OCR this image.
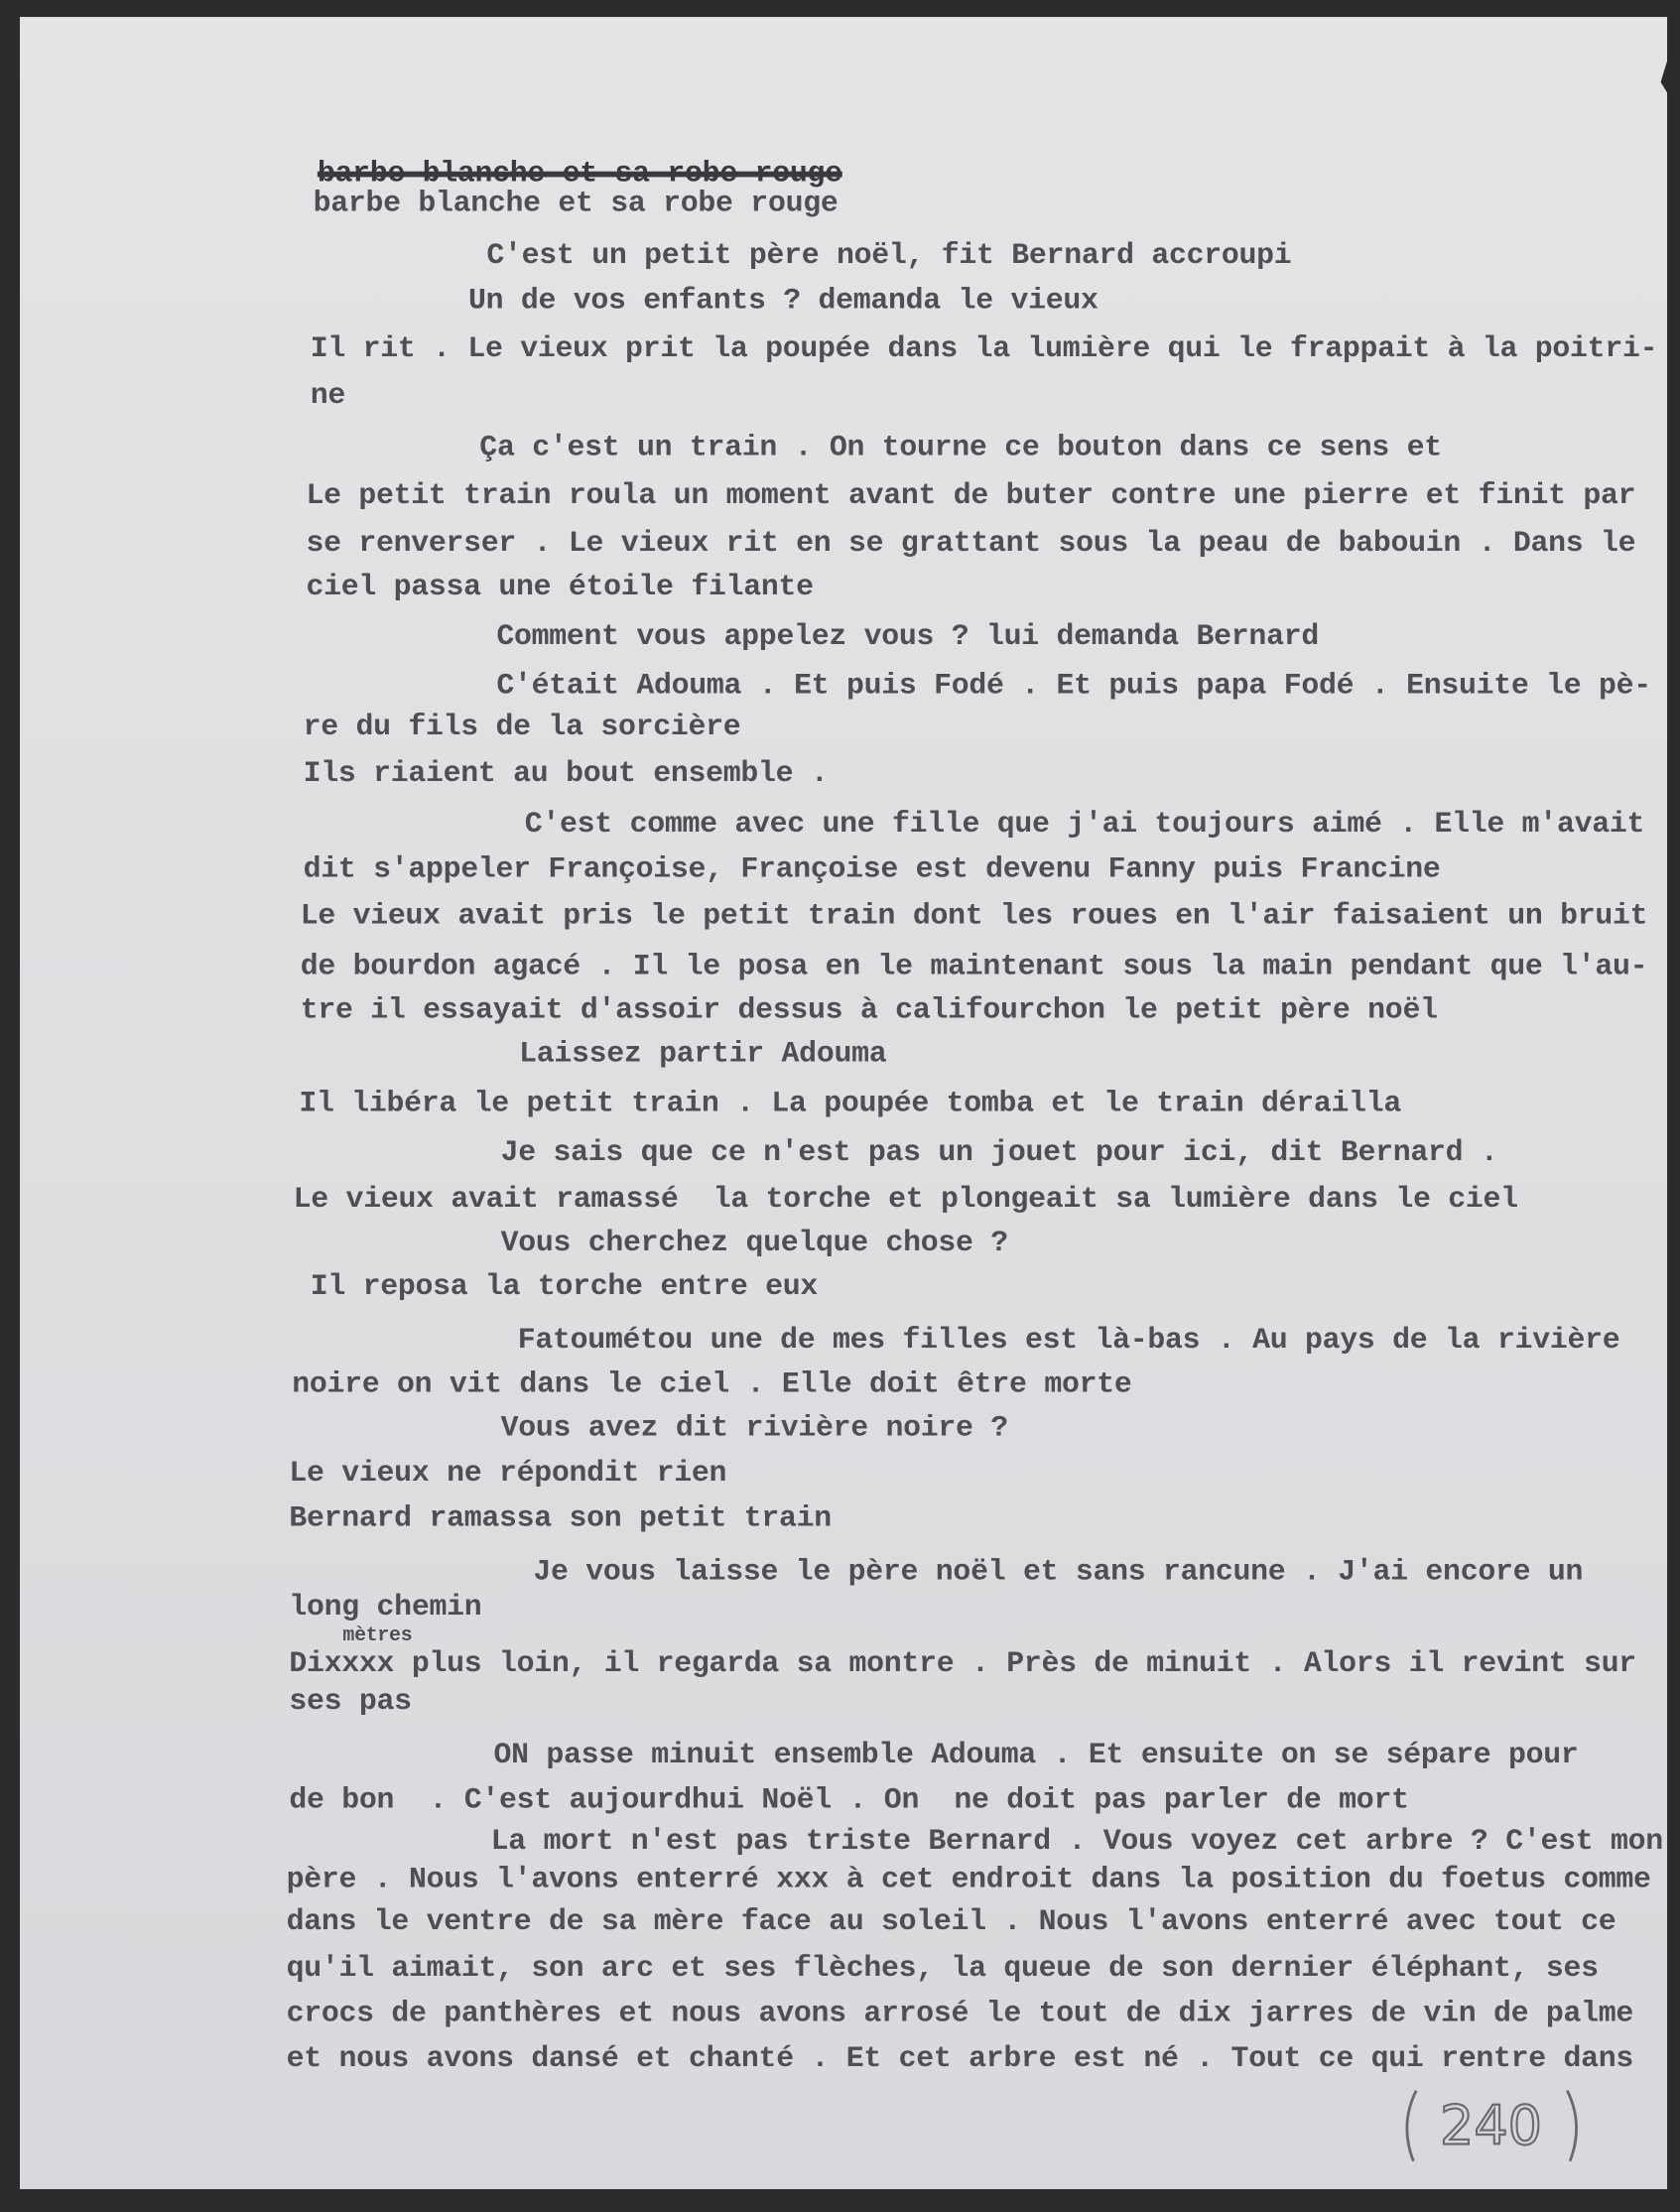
barbe blanche et sa robe rouge
barbe blanche et sa robe rouge
C'est un petit père noël, fit Bernard accroupi
Un de vos enfants ? demanda le vieux
Il rit . Le vieux prit la poupée dans la lumière qui le frappait à la poitri-
ne
Ça c'est un train . On tourne ce bouton dans ce sens et
Le petit train roula un moment avant de buter contre une pierre et finit par
se renverser . Le vieux rit en se grattant sous la peau de babouin . Dans le
ciel passa une étoile filante
Comment vous appelez vous ? lui demanda Bernard
C'était Adouma . Et puis Fodé . Et puis papa Fodé . Ensuite le pè-
re du fils de la sorcière
Ils riaient au bout ensemble .
C'est comme avec une fille que j'ai toujours aimé . Elle m'avait
dit s'appeler Françoise, Françoise est devenu Fanny puis Francine
Le vieux avait pris le petit train dont les roues en l'air faisaient un bruit
de bourdon agacé . Il le posa en le maintenant sous la main pendant que l'au-
tre il essayait d'assoir dessus à califourchon le petit père noël
Laissez partir Adouma
Il libéra le petit train . La poupée tomba et le train dérailla
Je sais que ce n'est pas un jouet pour ici, dit Bernard .
Le vieux avait ramassé  la torche et plongeait sa lumière dans le ciel
Vous cherchez quelque chose ?
Il reposa la torche entre eux
Fatoumétou une de mes filles est là-bas . Au pays de la rivière
noire on vit dans le ciel . Elle doit être morte
Vous avez dit rivière noire ?
Le vieux ne répondit rien
Bernard ramassa son petit train
Je vous laisse le père noël et sans rancune . J'ai encore un
long chemin
Dixxxx plus loin, il regarda sa montre . Près de minuit . Alors il revint sur
ses pas
ON passe minuit ensemble Adouma . Et ensuite on se sépare pour
de bon  . C'est aujourdhui Noël . On  ne doit pas parler de mort
La mort n'est pas triste Bernard . Vous voyez cet arbre ? C'est mon
père . Nous l'avons enterré xxx à cet endroit dans la position du foetus comme
dans le ventre de sa mère face au soleil . Nous l'avons enterré avec tout ce
qu'il aimait, son arc et ses flèches, la queue de son dernier éléphant, ses
crocs de panthères et nous avons arrosé le tout de dix jarres de vin de palme
et nous avons dansé et chanté . Et cet arbre est né . Tout ce qui rentre dans
mètres
240
